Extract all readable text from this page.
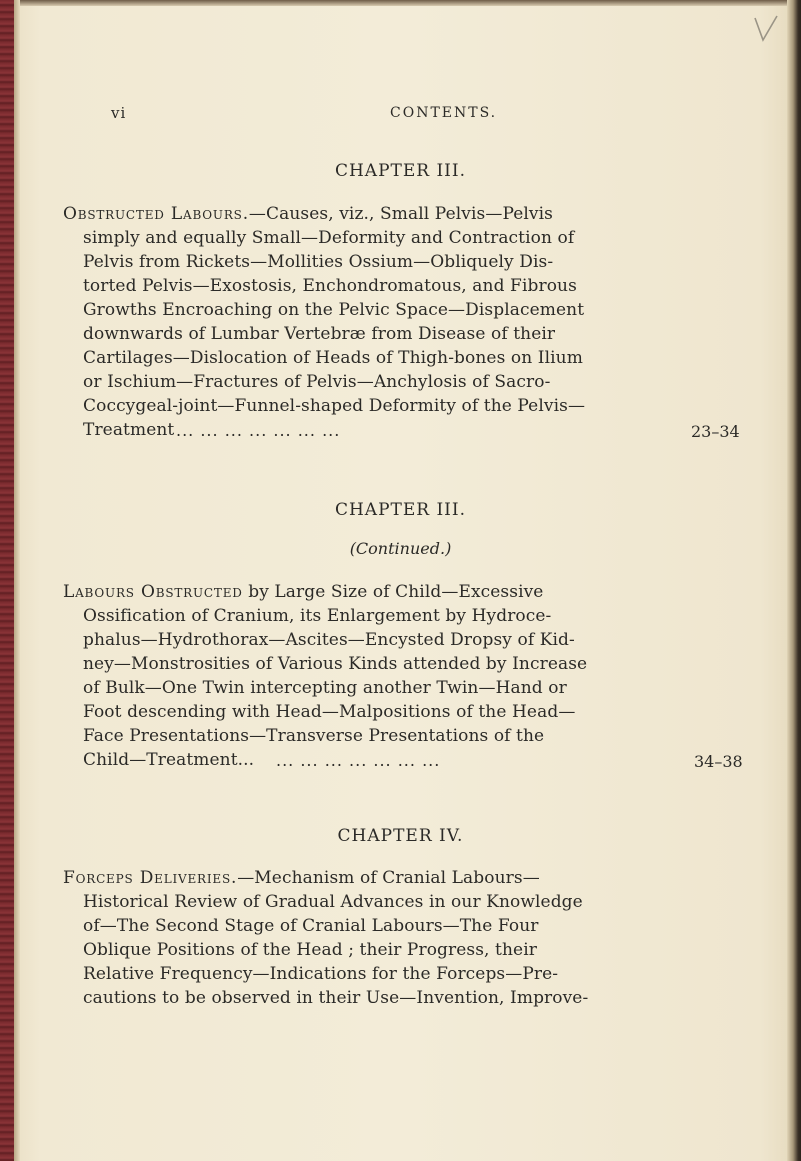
vi	CONTENTS.
CHAPTER III.
Obstructed Labours.—Causes, viz., Small Pelvis—Pelvis
simply and equally Small—Deformity and Contraction of
Pelvis from Rickets—Mollities Ossium—Obliquely Dis-
torted Pelvis—Exostosis, Enchondromatous, and Fibrous
Growths Encroaching on the Pelvic Space—Displacement
downwards of Lumbar Vertebræ from Disease of their
Cartilages—Dislocation of Heads of Thigh-bones on Ilium
or Ischium—Fractures of Pelvis—Anchylosis of Sacro-
Coccygeal-joint—Funnel-shaped Deformity of the Pelvis—
Treatment ... ... ... ... ... ... ...	23–34
CHAPTER III.
(Continued.)
Labours Obstructed by Large Size of Child—Excessive
Ossification of Cranium, its Enlargement by Hydroce-
phalus—Hydrothorax—Ascites—Encysted Dropsy of Kid-
ney—Monstrosities of Various Kinds attended by Increase
of Bulk—One Twin intercepting another Twin—Hand or
Foot descending with Head—Malpositions of the Head—
Face Presentations—Transverse Presentations of the
Child—Treatment... ... ... ... ... ... ... ...	34–38
CHAPTER IV.
Forceps Deliveries.—Mechanism of Cranial Labours—
Historical Review of Gradual Advances in our Knowledge
of—The Second Stage of Cranial Labours—The Four
Oblique Positions of the Head ; their Progress, their
Relative Frequency—Indications for the Forceps—Pre-
cautions to be observed in their Use—Invention, Improve-
